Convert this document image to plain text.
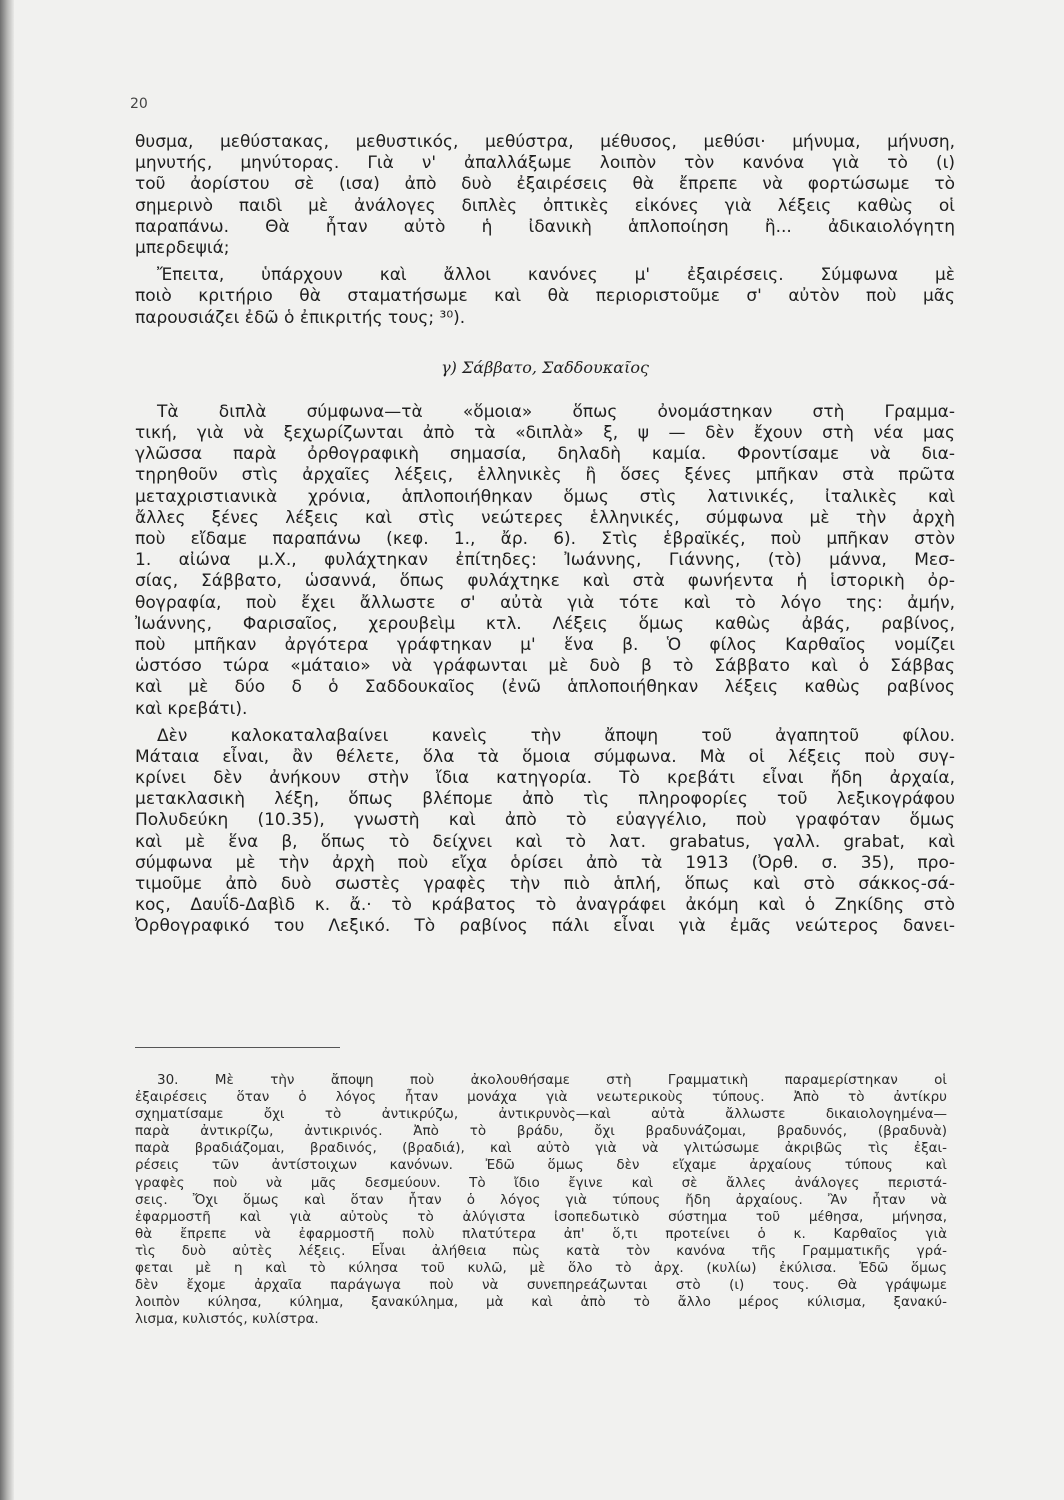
20
θυσμα, μεθύστακας, μεθυστικός, μεθύστρα, μέθυσος, μεθύσι· μήνυμα, μήνυση,
μηνυτής, μηνύτορας. Γιὰ ν' ἀπαλλάξωμε λοιπὸν τὸν κανόνα γιὰ τὸ (ι)
τοῦ ἀορίστου σὲ (ισα) ἀπὸ δυὸ ἐξαιρέσεις θὰ ἔπρεπε νὰ φορτώσωμε τὸ
σημερινὸ παιδὶ μὲ ἀνάλογες διπλὲς ὀπτικὲς εἰκόνες γιὰ λέξεις καθὼς οἱ
παραπάνω. Θὰ ἦταν αὐτὸ ἡ ἰδανικὴ ἁπλοποίηση ἢ... ἀδικαιολόγητη
μπερδεψιά;
Ἔπειτα, ὑπάρχουν καὶ ἄλλοι κανόνες μ' ἐξαιρέσεις. Σύμφωνα μὲ
ποιὸ κριτήριο θὰ σταματήσωμε καὶ θὰ περιοριστοῦμε σ' αὐτὸν ποὺ μᾶς
παρουσιάζει ἐδῶ ὁ ἐπικριτής τους; ³⁰).
γ) Σάββατο, Σαδδουκαῖος
Τὰ διπλὰ σύμφωνα—τὰ «ὅμοια» ὅπως ὀνομάστηκαν στὴ Γραμμα-
τική, γιὰ νὰ ξεχωρίζωνται ἀπὸ τὰ «διπλὰ» ξ, ψ — δὲν ἔχουν στὴ νέα μας
γλῶσσα παρὰ ὀρθογραφικὴ σημασία, δηλαδὴ καμία. Φροντίσαμε νὰ δια-
τηρηθοῦν στὶς ἀρχαῖες λέξεις, ἑλληνικὲς ἢ ὅσες ξένες μπῆκαν στὰ πρῶτα
μεταχριστιανικὰ χρόνια, ἁπλοποιήθηκαν ὅμως στὶς λατινικές, ἰταλικὲς καὶ
ἄλλες ξένες λέξεις καὶ στὶς νεώτερες ἑλληνικές, σύμφωνα μὲ τὴν ἀρχὴ
ποὺ εἴδαμε παραπάνω (κεφ. 1., ἄρ. 6). Στὶς ἑβραϊκές, ποὺ μπῆκαν στὸν
1. αἰώνα μ.Χ., φυλάχτηκαν ἐπίτηδες: Ἰωάννης, Γιάννης, (τὸ) μάννα, Μεσ-
σίας, Σάββατο, ὡσαννά, ὅπως φυλάχτηκε καὶ στὰ φωνήεντα ἡ ἱστορικὴ ὀρ-
θογραφία, ποὺ ἔχει ἄλλωστε σ' αὐτὰ γιὰ τότε καὶ τὸ λόγο της: ἀμήν,
Ἰωάννης, Φαρισαῖος, χερουβεὶμ κτλ. Λέξεις ὅμως καθὼς ἀβάς, ραβίνος,
ποὺ μπῆκαν ἀργότερα γράφτηκαν μ' ἕνα β. Ὁ φίλος Καρθαῖος νομίζει
ὡστόσο τώρα «μάταιο» νὰ γράφωνται μὲ δυὸ β τὸ Σάββατο καὶ ὁ Σάββας
καὶ μὲ δύο δ ὁ Σαδδουκαῖος (ἐνῶ ἁπλοποιήθηκαν λέξεις καθὼς ραβίνος
καὶ κρεβάτι).
Δὲν καλοκαταλαβαίνει κανεὶς τὴν ἄποψη τοῦ ἀγαπητοῦ φίλου.
Μάταια εἶναι, ἂν θέλετε, ὅλα τὰ ὅμοια σύμφωνα. Μὰ οἱ λέξεις ποὺ συγ-
κρίνει δὲν ἀνήκουν στὴν ἴδια κατηγορία. Τὸ κρεβάτι εἶναι ἤδη ἀρχαία,
μετακλασικὴ λέξη, ὅπως βλέπομε ἀπὸ τὶς πληροφορίες τοῦ λεξικογράφου
Πολυδεύκη (10.35), γνωστὴ καὶ ἀπὸ τὸ εὐαγγέλιο, ποὺ γραφόταν ὅμως
καὶ μὲ ἕνα β, ὅπως τὸ δείχνει καὶ τὸ λατ. grabatus, γαλλ. grabat, καὶ
σύμφωνα μὲ τὴν ἀρχὴ ποὺ εἴχα ὁρίσει ἀπὸ τὰ 1913 (Ὀρθ. σ. 35), προ-
τιμοῦμε ἀπὸ δυὸ σωστὲς γραφὲς τὴν πιὸ ἁπλή, ὅπως καὶ στὸ σάκκος-σά-
κος, Δαυΐδ-Δαβὶδ κ. ἄ.· τὸ κράβατος τὸ ἀναγράφει ἀκόμη καὶ ὁ Ζηκίδης στὸ
Ὀρθογραφικό του Λεξικό. Τὸ ραβίνος πάλι εἶναι γιὰ ἐμᾶς νεώτερος δανει-
30. Μὲ τὴν ἄποψη ποὺ ἀκολουθήσαμε στὴ Γραμματικὴ παραμερίστηκαν οἱ
ἐξαιρέσεις ὅταν ὁ λόγος ἦταν μονάχα γιὰ νεωτερικοὺς τύπους. Ἀπὸ τὸ ἀντίκρυ
σχηματίσαμε ὄχι τὸ ἀντικρύζω, ἀντικρυνὸς—καὶ αὐτὰ ἄλλωστε δικαιολογημένα—
παρὰ ἀντικρίζω, ἀντικρινός. Ἀπὸ τὸ βράδυ, ὄχι βραδυνάζομαι, βραδυνός, (βραδυνὰ)
παρὰ βραδιάζομαι, βραδινός, (βραδιά), καὶ αὐτὸ γιὰ νὰ γλιτώσωμε ἀκριβῶς τὶς ἐξαι-
ρέσεις τῶν ἀντίστοιχων κανόνων. Ἐδῶ ὅμως δὲν εἴχαμε ἀρχαίους τύπους καὶ
γραφὲς ποὺ νὰ μᾶς δεσμεύουν. Τὸ ἴδιο ἔγινε καὶ σὲ ἄλλες ἀνάλογες περιστά-
σεις. Ὄχι ὅμως καὶ ὅταν ἦταν ὁ λόγος γιὰ τύπους ἤδη ἀρχαίους. Ἂν ἦταν νὰ
ἐφαρμοστῆ καὶ γιὰ αὐτοὺς τὸ ἀλύγιστα ἰσοπεδωτικὸ σύστημα τοῦ μέθησα, μήνησα,
θὰ ἔπρεπε νὰ ἐφαρμοστῆ πολὺ πλατύτερα ἀπ' ὅ,τι προτείνει ὁ κ. Καρθαῖος γιὰ
τὶς δυὸ αὐτὲς λέξεις. Εἶναι ἀλήθεια πὼς κατὰ τὸν κανόνα τῆς Γραμματικῆς γρά-
φεται μὲ η καὶ τὸ κύλησα τοῦ κυλῶ, μὲ ὅλο τὸ ἀρχ. (κυλίω) ἐκύλισα. Ἐδῶ ὅμως
δὲν ἔχομε ἀρχαῖα παράγωγα ποὺ νὰ συνεπηρεάζωνται στὸ (ι) τους. Θὰ γράψωμε
λοιπὸν κύλησα, κύλημα, ξανακύλημα, μὰ καὶ ἀπὸ τὸ ἄλλο μέρος κύλισμα, ξανακύ-
λισμα, κυλιστός, κυλίστρα.
